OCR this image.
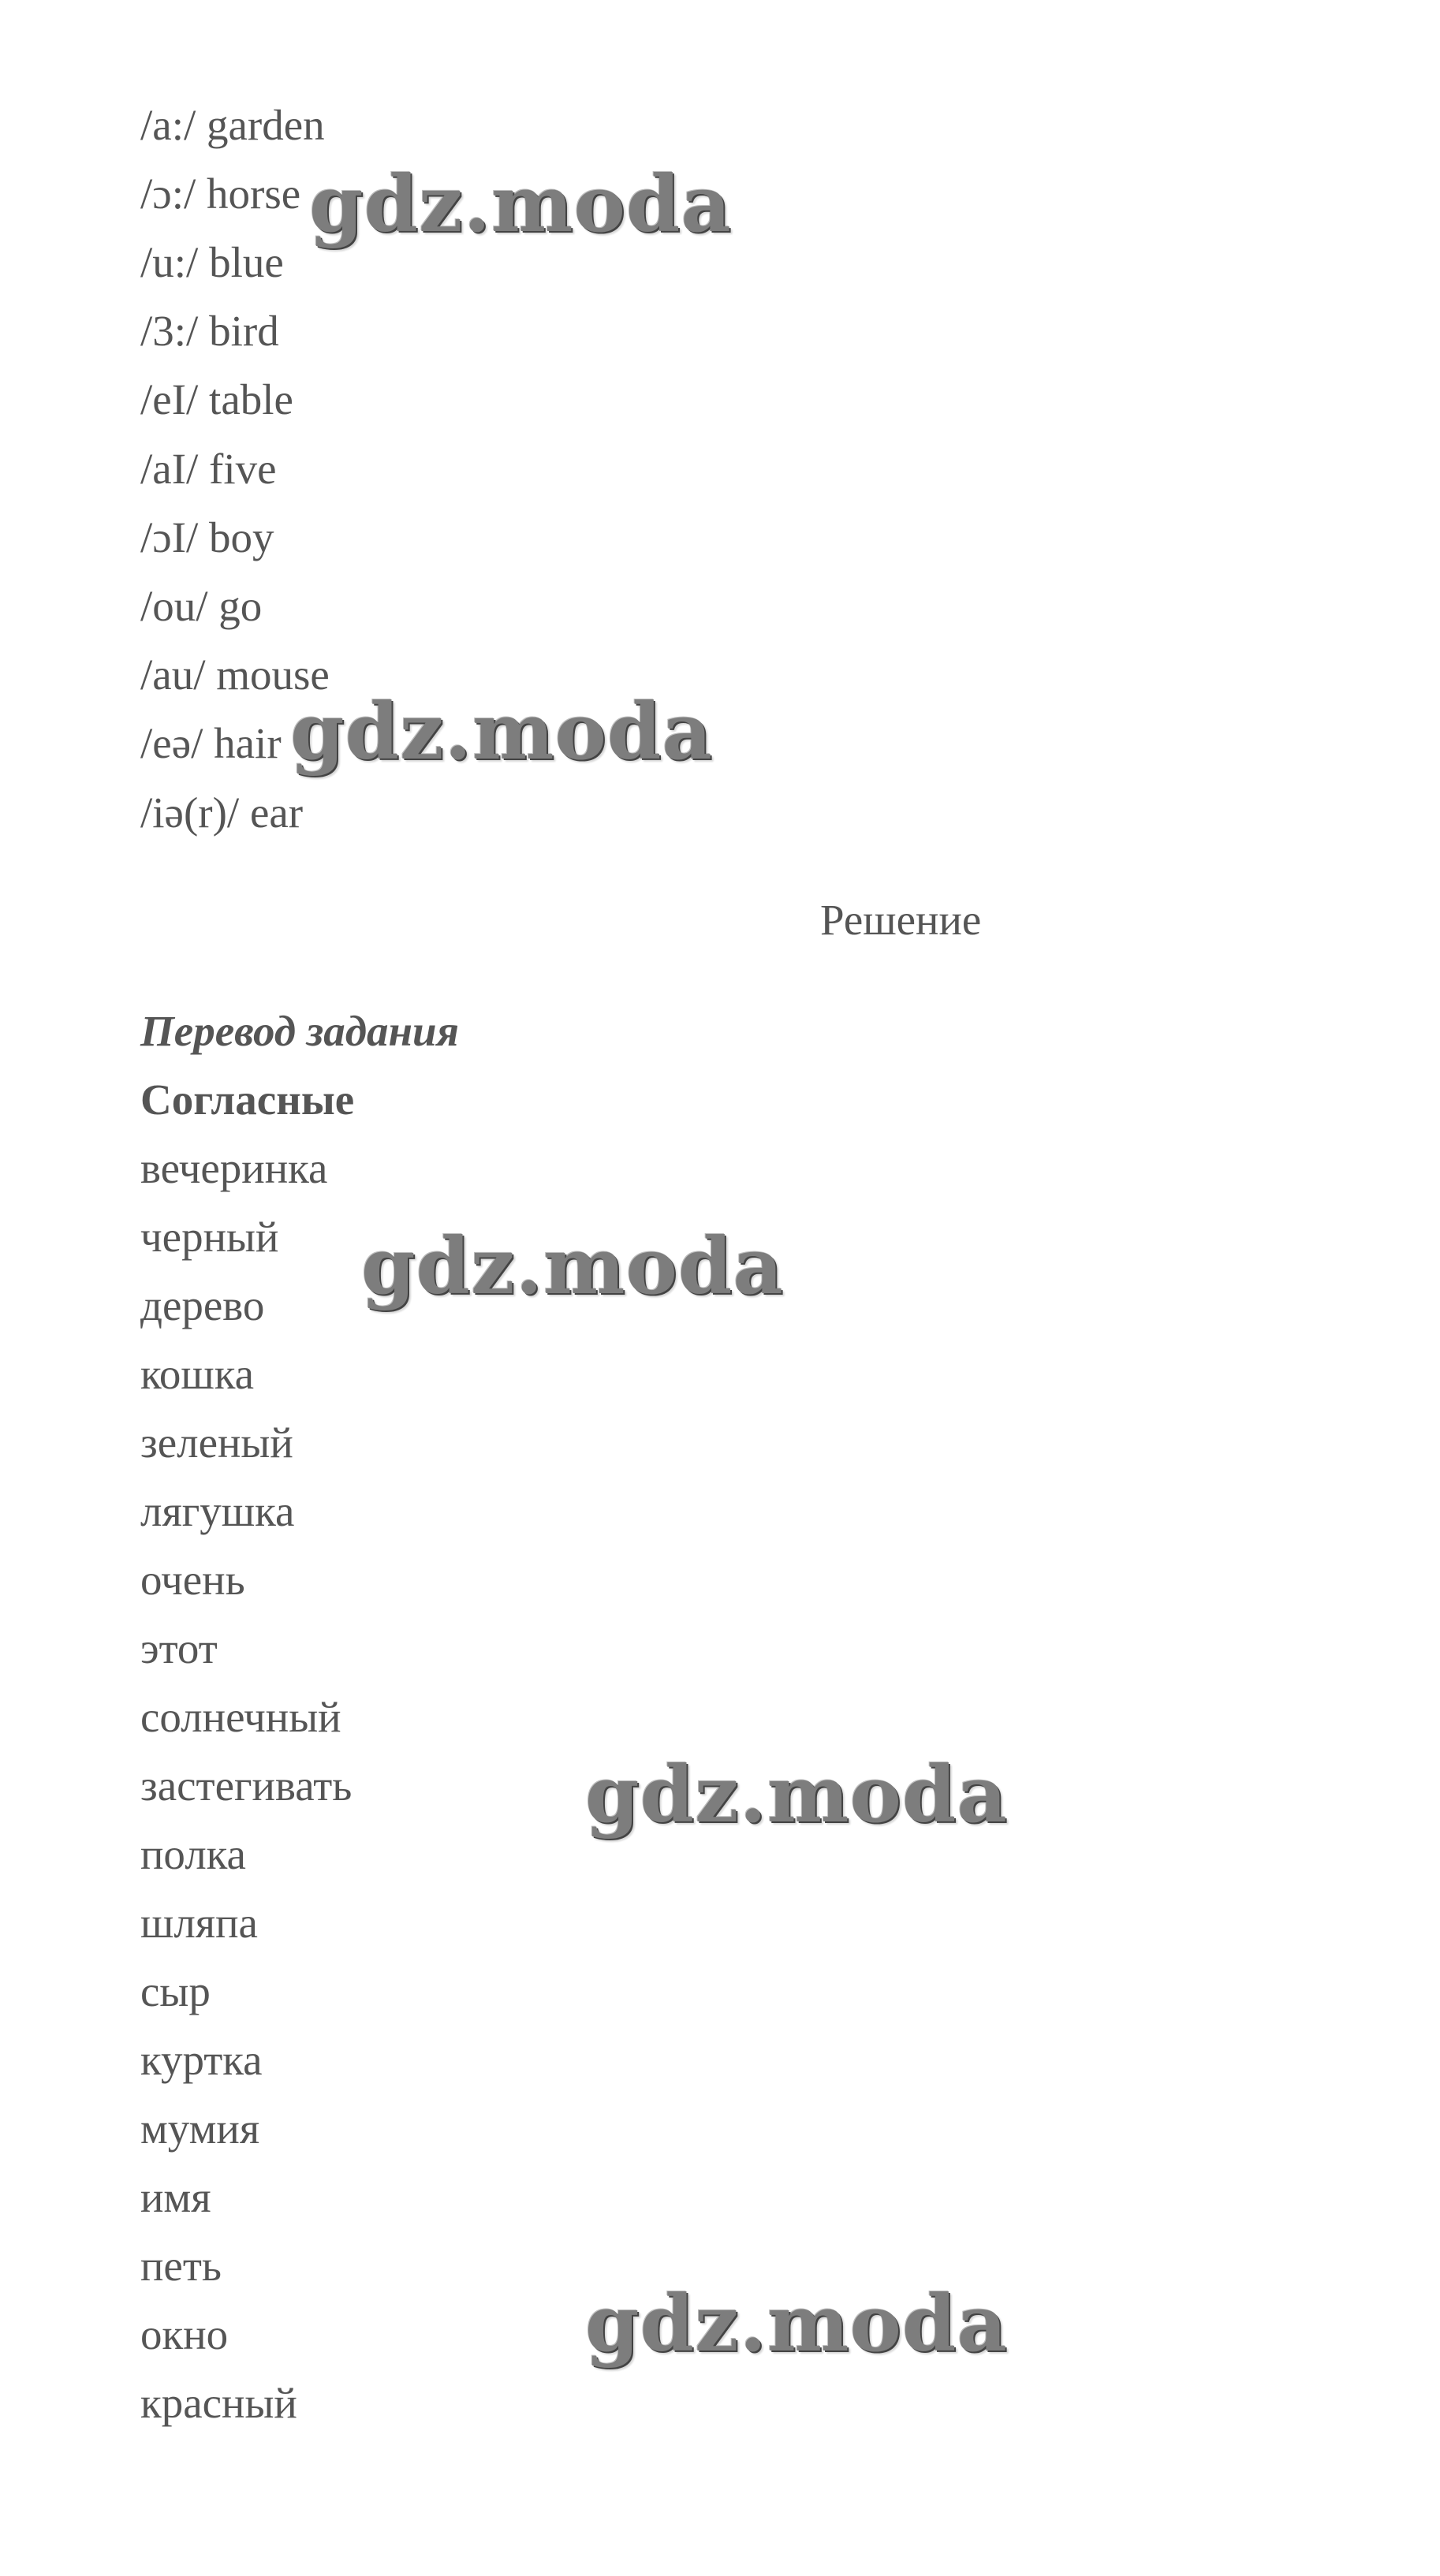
/a:/ garden
/ɔ:/ horse
/u:/ blue
/3:/ bird
/eI/ table
/aI/ five
/ɔI/ boy
/ou/ go
/au/ mouse
/eə/ hair
/iə(r)/ ear
Решение
Перевод задания
Согласные
вечеринка
черный
дерево
кошка
зеленый
лягушка
очень
этот
солнечный
застегивать
полка
шляпа
сыр
куртка
мумия
имя
петь
окно
красный
gdz.moda
gdz.moda
gdz.moda
gdz.moda
gdz.moda
